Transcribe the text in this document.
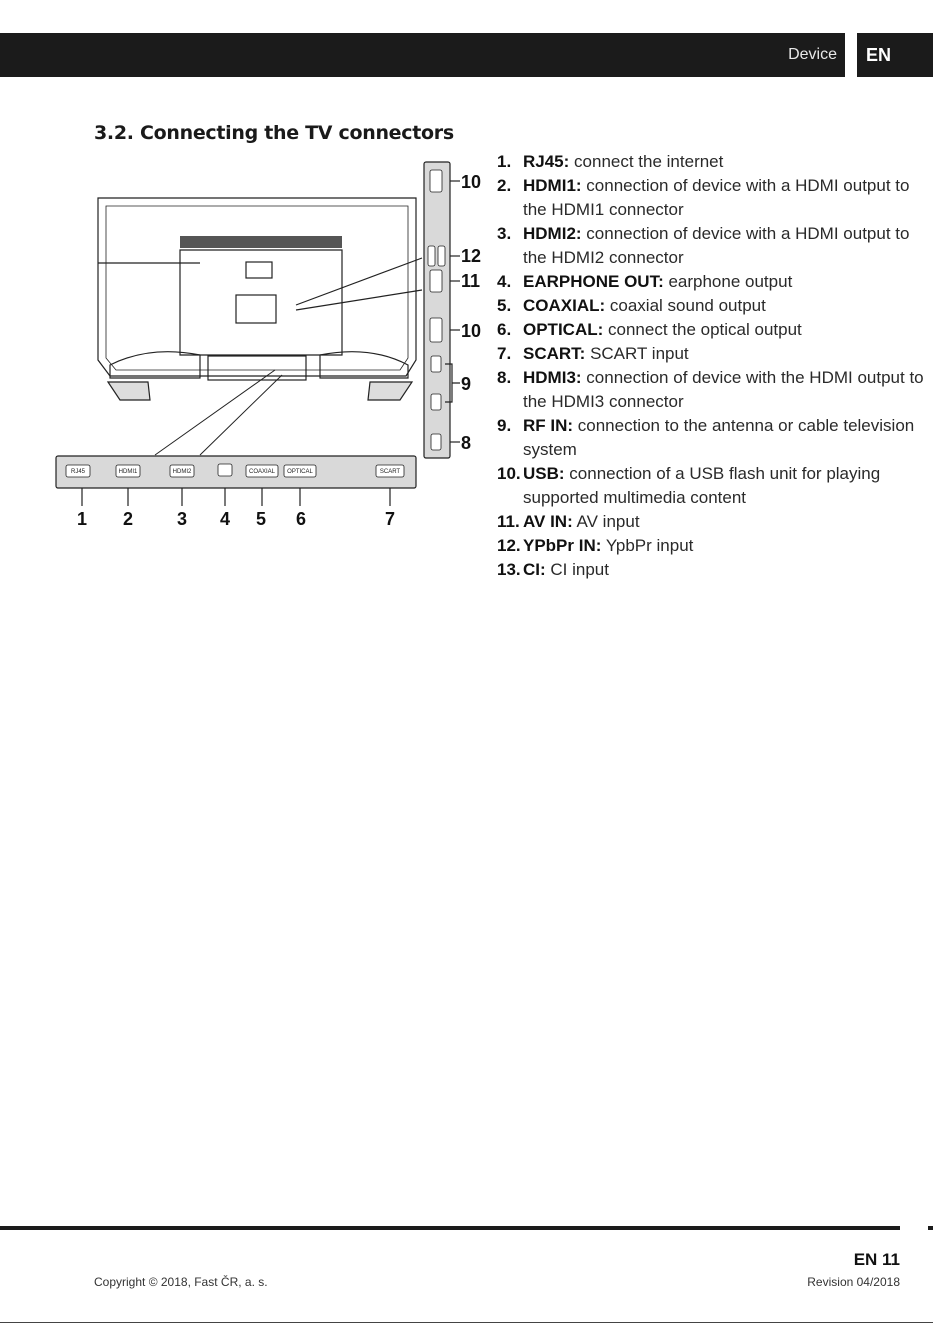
Device	EN
3.2. Connecting the TV connectors
10
12
11
10
9
8
RJ45	HDMI1	HDMI2	COAXIAL OPTICAL	SCART
1 2 3 4 5 6	7
1. RJ45: connect the internet
2. HDMI1: connection of device with a HDMI output to the HDMI1 connector
3. HDMI2: connection of device with a HDMI output to the HDMI2 connector
4. EARPHONE OUT: earphone output
5. COAXIAL: coaxial sound output
6. OPTICAL: connect the optical output
7. SCART: SCART input
8. HDMI3: connection of device with the HDMI output to the HDMI3 connector
9. RF IN: connection to the antenna or cable television system
10. USB: connection of a USB flash unit for playing supported multimedia content
11. AV IN: AV input
12. YPbPr IN: YpbPr input
13. CI: CI input
EN 11
Copyright © 2018, Fast ČR, a. s.	Revision 04/2018
